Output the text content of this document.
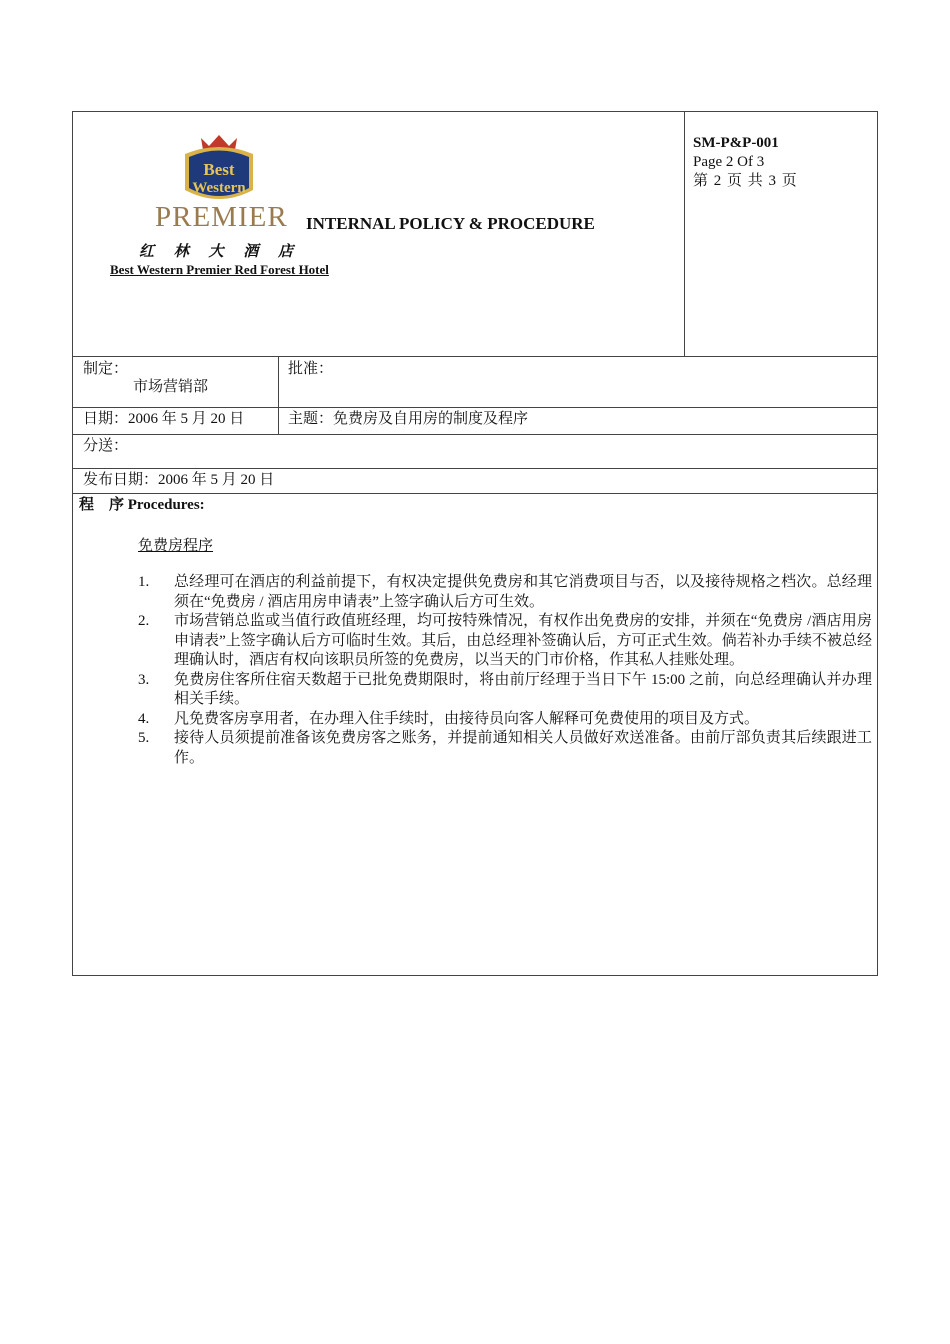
Best
Western
PREMIER
红 林 大 酒 店
Best Western Premier Red Forest Hotel
INTERNAL POLICY & PROCEDURE
SM-P&P-001
Page 2 Of 3
第 2 页 共 3 页
制定：
市场营销部
批准：
日期：2006 年 5 月 20 日	主题：免费房及自用房的制度及程序
分送：
发布日期：2006 年 5 月 20 日
程　序 Procedures:
免费房程序
1. 总经理可在酒店的利益前提下，有权决定提供免费房和其它消费项目与否，以及接待规格之档次。总经理须在“免费房 / 酒店用房申请表”上签字确认后方可生效。
2. 市场营销总监或当值行政值班经理，均可按特殊情况，有权作出免费房的安排，并须在“免费房 /酒店用房申请表”上签字确认后方可临时生效。其后，由总经理补签确认后，方可正式生效。倘若补办手续不被总经理确认时，酒店有权向该职员所签的免费房，以当天的门市价格，作其私人挂账处理。
3. 免费房住客所住宿天数超于已批免费期限时，将由前厅经理于当日下午 15:00 之前，向总经理确认并办理相关手续。
4. 凡免费客房享用者，在办理入住手续时，由接待员向客人解释可免费使用的项目及方式。
5. 接待人员须提前准备该免费房客之账务，并提前通知相关人员做好欢送准备。由前厅部负责其后续跟进工作。
